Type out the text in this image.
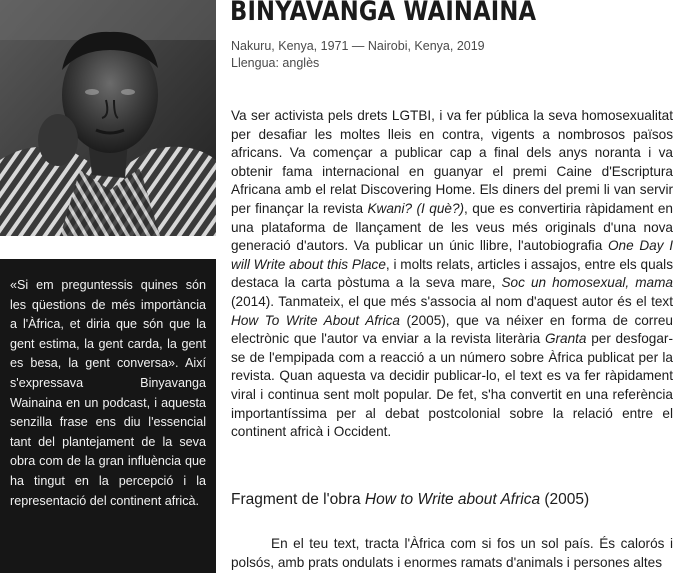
«Si em preguntessis quines són les qüestions de més importància a l'Àfrica, et diria que són que la gent estima, la gent carda, la gent es besa, la gent conversa». Així s'expressava Binyavanga Wainaina en un podcast, i aquesta senzilla frase ens diu l'essencial tant del plantejament de la seva obra com de la gran influència que ha tingut en la percepció i la representació del continent africà.

BINYAVANGA WAINAINA
Nakuru, Kenya, 1971 — Nairobi, Kenya, 2019
Llengua: anglès

Va ser activista pels drets LGTBI, i va fer pública la seva homosexualitat per desafiar les moltes lleis en contra, vigents a nombrosos països africans. Va començar a publicar cap a final dels anys noranta i va obtenir fama internacional en guanyar el premi Caine d'Escriptura Africana amb el relat Discovering Home. Els diners del premi li van servir per finançar la revista Kwani? (I què?), que es convertiria ràpidament en una plataforma de llançament de les veus més originals d'una nova generació d'autors. Va publicar un únic llibre, l'autobiografia One Day I will Write about this Place, i molts relats, articles i assajos, entre els quals destaca la carta pòstuma a la seva mare, Soc un homosexual, mama (2014). Tanmateix, el que més s'associa al nom d'aquest autor és el text How To Write About Africa (2005), que va néixer en forma de correu electrònic que l'autor va enviar a la revista literària Granta per desfogar-se de l'empipada com a reacció a un número sobre Àfrica publicat per la revista. Quan aquesta va decidir publicar-lo, el text es va fer ràpidament viral i continua sent molt popular. De fet, s'ha convertit en una referència importantíssima per al debat postcolonial sobre la relació entre el continent africà i Occident.

Fragment de l'obra How to Write about Africa (2005)

En el teu text, tracta l'Àfrica com si fos un sol país. És calorós i polsós, amb prats ondulats i enormes ramats d'animals i persones altes
